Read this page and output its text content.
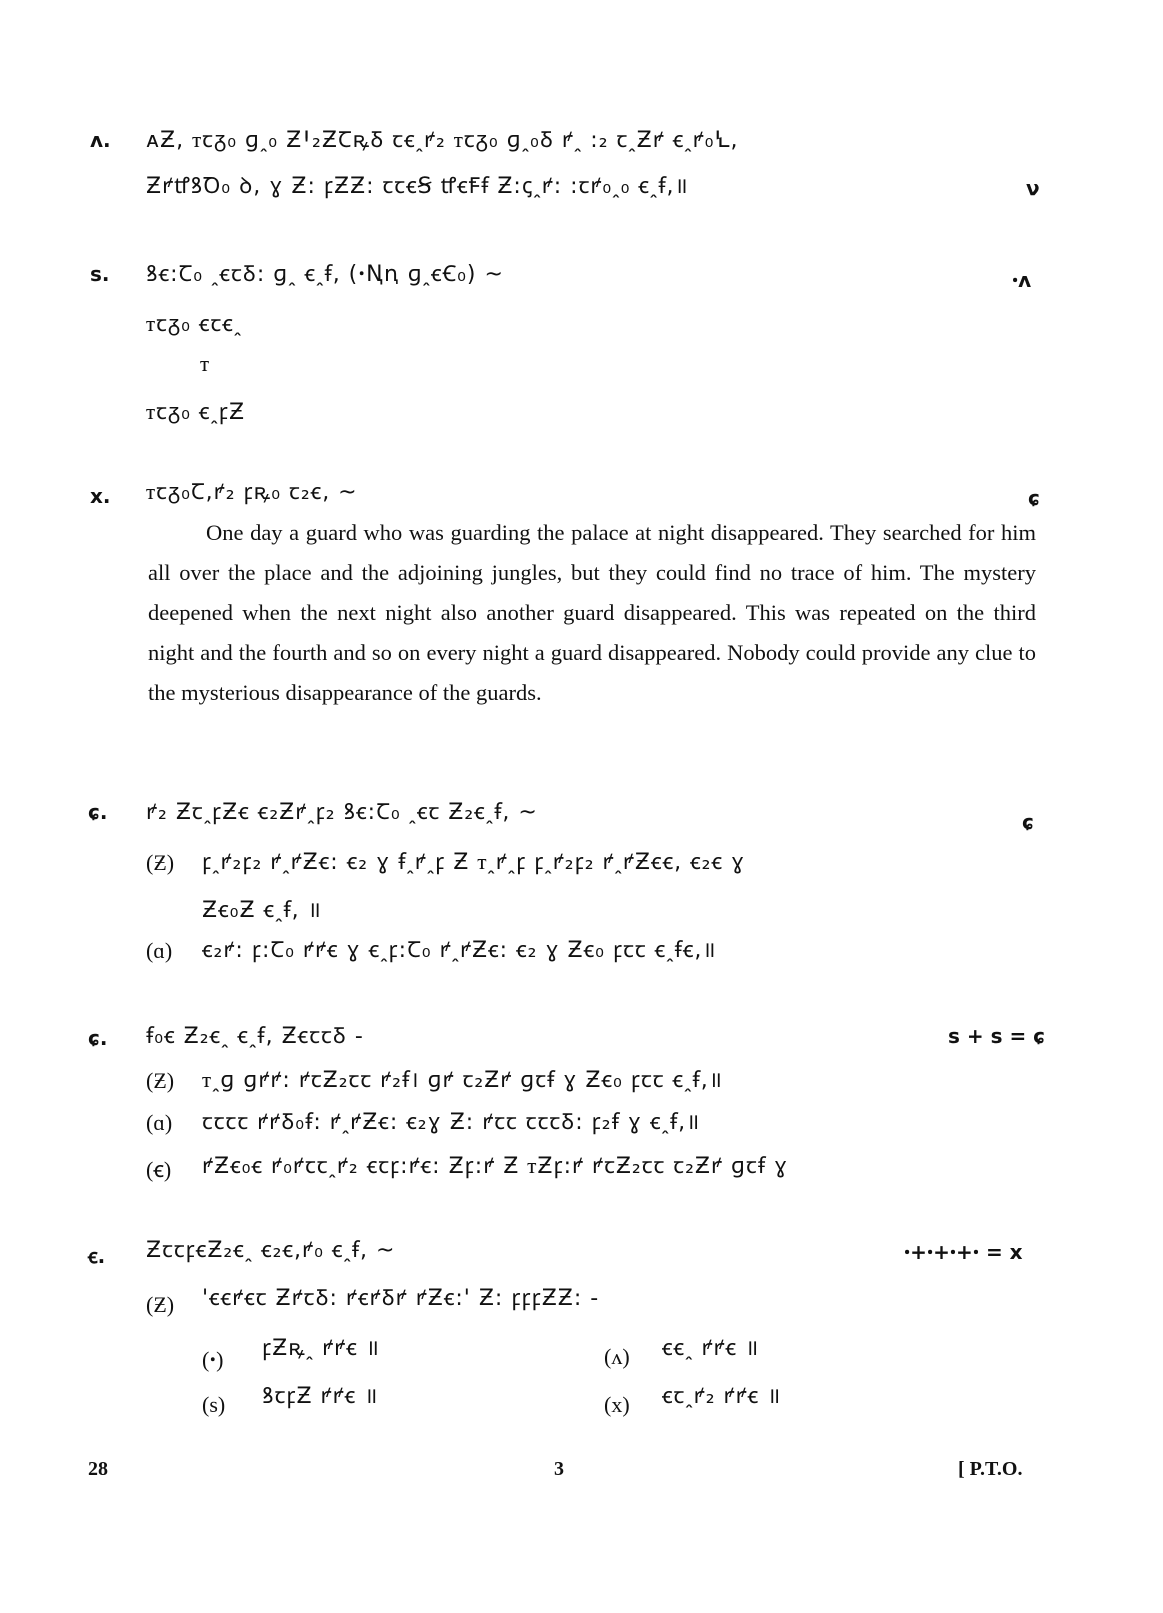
ʌ. ᴀƵ, ꭲꞇᵹ₀ ɡꞈ₀ ƵꞋ₂ƵꞆꝶꝽ ꞇꞓꞈꝵ₂ ꭲꞇᵹ₀ ɡꞈ₀Ᵹ ꝵꞈ ꞉₂ ꞇꞈƵꝵ ꞓꞈꝵ₀Ꝇ,
ƵꝵꝷꝸꝹ₀ ꝺ, ɣ Ƶ꞉ ꝼƵƵ꞉ ꞇꞇꞓꞨ ꝷꞓꞘꞙ Ƶ꞉ꞔꞈꝵ꞉ ꞉ꞇꝵ₀ꞈ₀ ꞓꞈꞙ,॥	ν
s. ꝸꞓ꞉Ꞇ₀ ꞈꞓꞇꝽ꞉ ɡꞈ ꞓꞈꞙ, (ꞏꞐꞑ ɡꞈꞓꞒ₀) ~	ꞏʌ
ꭲꞇᵹ₀ ꞓꞇꞓꞈ
ꭲ
ꭲꞇᵹ₀ ꞓꞈꝼƵ
x. ꭲꞇᵹ₀Ꞇ,ꝵ₂ ꝼꝶ₀ ꞇ₂ꞓ, ~	ɕ

One day a guard who was guarding the palace at night disappeared. They searched for him all over the place and the adjoining jungles, but they could find no trace of him. The mystery deepened when the next night also another guard disappeared. This was repeated on the third night and the fourth and so on every night a guard disappeared. Nobody could provide any clue to the mysterious disappearance of the guards.

ɕ. ꝵ₂ ƵꞇꞈꝼƵꞓ ꞓ₂Ƶꝵꞈꝼ₂ ꝸꞓ꞉Ꞇ₀ ꞈꞓꞇ Ƶ₂ꞓꞈꞙ, ~	ɕ
(Ƶ) ꝼꞈꝵ₂ꝼ₂ ꝵꞈꝵƵꞓ꞉ ꞓ₂ ɣ ꞙꞈꝵꞈꝼ Ƶ ꭲꞈꝵꞈꝼ ꝼꞈꝵ₂ꝼ₂ ꝵꞈꝵƵꞓꞓ, ꞓ₂ꞓ ɣ
Ƶꞓ₀Ƶ ꞓꞈꞙ, ॥
(ɑ) ꞓ₂ꝵ꞉ ꝼ꞉Ꞇ₀ ꝵꝵꞓ ɣ ꞓꞈꝼ꞉Ꞇ₀ ꝵꞈꝵƵꞓ꞉ ꞓ₂ ɣ Ƶꞓ₀ ꝼꞇꞇ ꞓꞈꞙꞓ,॥
ɕ. ꞙ₀ꞓ Ƶ₂ꞓꞈ ꞓꞈꞙ, ƵꞓꞇꞇꝽ -	s + s = ɕ
(Ƶ) ꭲꞈɡ ɡꝵꝵ꞉ ꝵꞇƵ₂ꞇꞇ ꝵ₂ꞙ। ɡꝵ ꞇ₂Ƶꝵ ɡꞇꞙ ɣ Ƶꞓ₀ ꝼꞇꞇ ꞓꞈꞙ,॥
(ɑ) ꞇꞇꞇꞇ ꝵꝵꝽ₀ꞙ꞉ ꝵꞈꝵƵꞓ꞉ ꞓ₂ɣ Ƶ꞉ ꝵꞇꞇ ꞇꞇꞇꝽ꞉ ꝼ₂ꞙ ɣ ꞓꞈꞙ,॥
(ꞓ) ꝵƵꞓ₀ꞓ ꝵ₀ꝵꞇꞇꞈꝵ₂ ꞓꞇꝼ꞉ꝵꞓ꞉ Ƶꝼ꞉ꝵ Ƶ ꭲƵꝼ꞉ꝵ ꝵꞇƵ₂ꞇꞇ ꞇ₂Ƶꝵ ɡꞇꞙ ɣ
ꞓ. ƵꞇꞇꝼꞓƵ₂ꞓꞈ ꞓ₂ꞓ,ꝵ₀ ꞓꞈꞙ, ~	ꞏ+ꞏ+ꞏ+ꞏ = x
(Ƶ) 'ꞓꞓꝵꞓꞇ ƵꝵꞇꝽ꞉ ꝵꞓꝵꝽꝵ ꝵƵꞓ꞉' Ƶ꞉ ꝼꝼꝼƵƵ꞉ -
(ꞏ) ꝼƵꝶꞈ ꝵꝵꞓ ॥	(ʌ) ꞓꞓꞈ ꝵꝵꞓ ॥
(s) ꝸꞇꝼƵ ꝵꝵꞓ ॥	(x) ꞓꞇꞈꝵ₂ ꝵꝵꞓ ॥
28	3	[ P.T.O.
